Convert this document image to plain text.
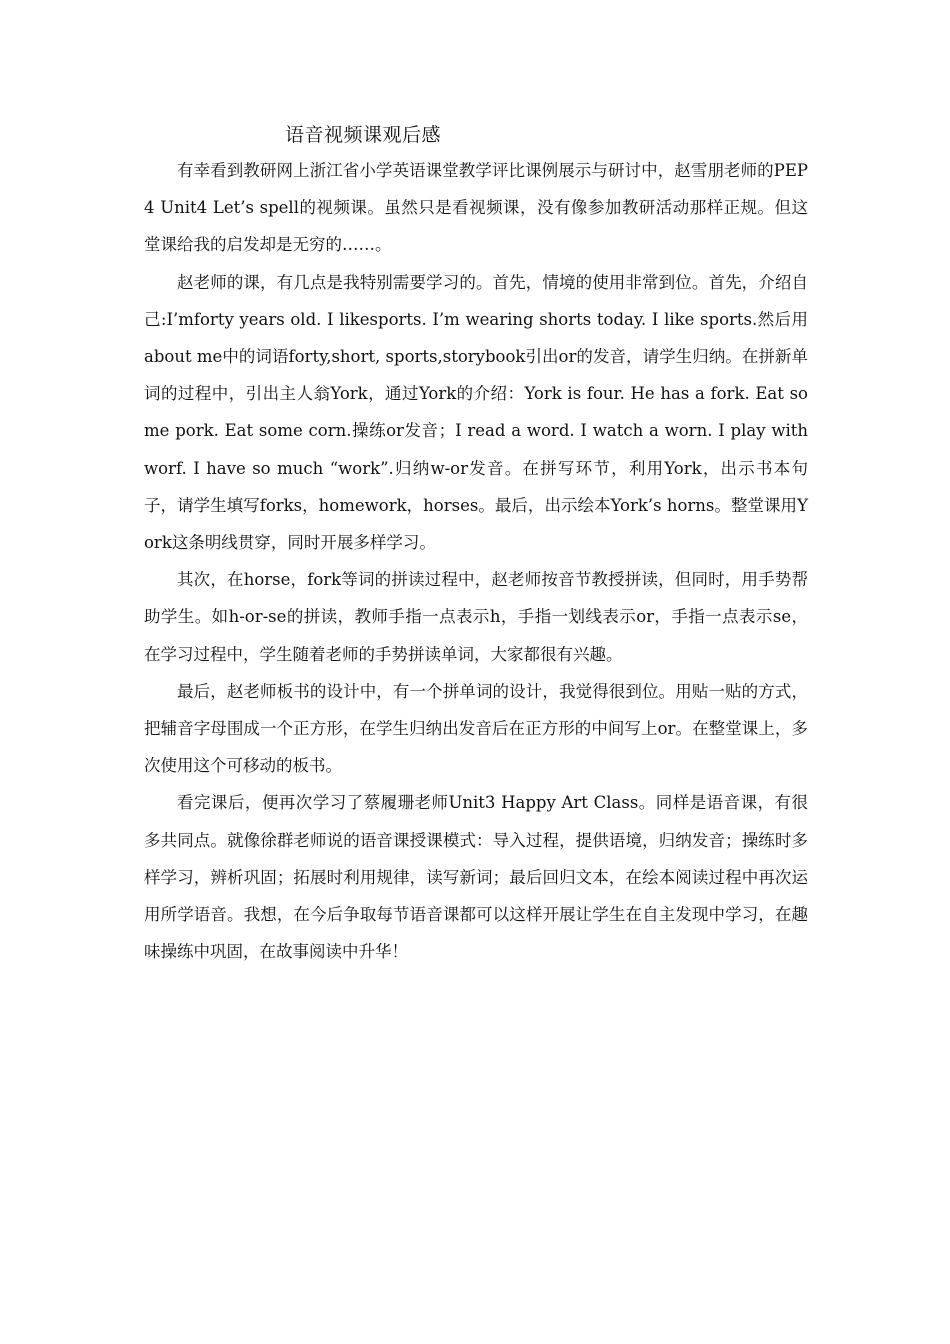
语音视频课观后感

有幸看到教研网上浙江省小学英语课堂教学评比课例展示与研讨中，赵雪朋老师的PEP4 Unit4 Let’s spell的视频课。虽然只是看视频课，没有像参加教研活动那样正规。但这堂课给我的启发却是无穷的……。

赵老师的课，有几点是我特别需要学习的。首先，情境的使用非常到位。首先，介绍自己:I’mforty years old. I likesports. I’m wearing shorts today. I like sports.然后用about me中的词语forty,short, sports,storybook引出or的发音，请学生归纳。在拼新单词的过程中，引出主人翁York，通过York的介绍：York is four. He has a fork. Eat some pork. Eat some corn.操练or发音；I read a word. I watch a worn. I play with worf. I have so much “work”.归纳w-or发音。在拼写环节，利用York，出示书本句子，请学生填写forks，homework，horses。最后，出示绘本York’s horns。整堂课用York这条明线贯穿，同时开展多样学习。

其次，在horse，fork等词的拼读过程中，赵老师按音节教授拼读，但同时，用手势帮助学生。如h-or-se的拼读，教师手指一点表示h，手指一划线表示or，手指一点表示se，在学习过程中，学生随着老师的手势拼读单词，大家都很有兴趣。

最后，赵老师板书的设计中，有一个拼单词的设计，我觉得很到位。用贴一贴的方式，把辅音字母围成一个正方形，在学生归纳出发音后在正方形的中间写上or。在整堂课上，多次使用这个可移动的板书。

看完课后，便再次学习了蔡履珊老师Unit3 Happy Art Class。同样是语音课，有很多共同点。就像徐群老师说的语音课授课模式：导入过程，提供语境，归纳发音；操练时多样学习，辨析巩固；拓展时利用规律，读写新词；最后回归文本，在绘本阅读过程中再次运用所学语音。我想，在今后争取每节语音课都可以这样开展让学生在自主发现中学习，在趣味操练中巩固，在故事阅读中升华！
